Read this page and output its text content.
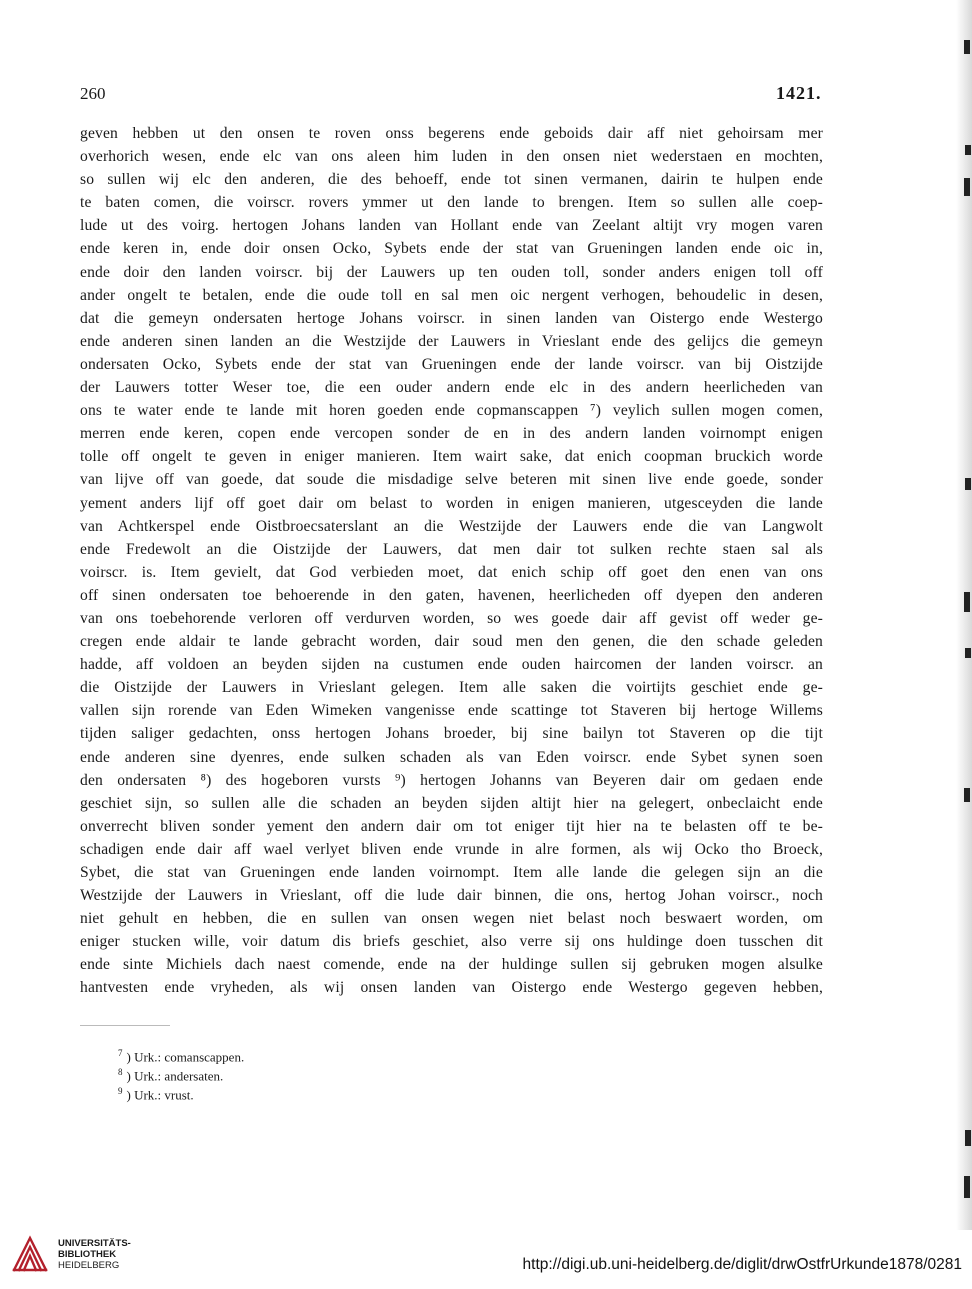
260	1421.
geven hebben ut den onsen te roven onss begerens ende geboids dair aff niet gehoirsam mer
overhorich wesen, ende elc van ons aleen him luden in den onsen niet wederstaen en mochten,
so sullen wij elc den anderen, die des behoeff, ende tot sinen vermanen, dairin te hulpen ende
te baten comen, die voirscr. rovers ymmer ut den lande to brengen. Item so sullen alle coep-
lude ut des voirg. hertogen Johans landen van Hollant ende van Zeelant altijt vry mogen varen
ende keren in, ende doir onsen Ocko, Sybets ende der stat van Grueningen landen ende oic in,
ende doir den landen voirscr. bij der Lauwers up ten ouden toll, sonder anders enigen toll off
ander ongelt te betalen, ende die oude toll en sal men oic nergent verhogen, behoudelic in desen,
dat die gemeyn ondersaten hertoge Johans voirscr. in sinen landen van Oistergo ende Westergo
ende anderen sinen landen an die Westzijde der Lauwers in Vrieslant ende des gelijcs die gemeyn
ondersaten Ocko, Sybets ende der stat van Grueningen ende der lande voirscr. van bij Oistzijde
der Lauwers totter Weser toe, die een ouder andern ende elc in des andern heerlicheden van
ons te water ende te lande mit horen goeden ende copmanscappen ⁷) veylich sullen mogen comen,
merren ende keren, copen ende vercopen sonder de en in des andern landen voirnompt enigen
tolle off ongelt te geven in eniger manieren. Item wairt sake, dat enich coopman bruckich worde
van lijve off van goede, dat soude die misdadige selve beteren mit sinen live ende goede, sonder
yement anders lijf off goet dair om belast to worden in enigen manieren, utgesceyden die lande
van Achtkerspel ende Oistbroecsaterslant an die Westzijde der Lauwers ende die van Langwolt
ende Fredewolt an die Oistzijde der Lauwers, dat men dair tot sulken rechte staen sal als
voirscr. is. Item gevielt, dat God verbieden moet, dat enich schip off goet den enen van ons
off sinen ondersaten toe behoerende in den gaten, havenen, heerlicheden off dyepen den anderen
van ons toebehorende verloren off verdurven worden, so wes goede dair aff gevist off weder ge-
cregen ende aldair te lande gebracht worden, dair soud men den genen, die den schade geleden
hadde, aff voldoen an beyden sijden na custumen ende ouden haircomen der landen voirscr. an
die Oistzijde der Lauwers in Vrieslant gelegen. Item alle saken die voirtijts geschiet ende ge-
vallen sijn rorende van Eden Wimeken vangenisse ende scattinge tot Staveren bij hertoge Willems
tijden saliger gedachten, onss hertogen Johans broeder, bij sine bailyn tot Staveren op die tijt
ende anderen sine dyenres, ende sulken schaden als van Eden voirscr. ende Sybet synen soen
den ondersaten ⁸) des hogeboren vursts ⁹) hertogen Johanns van Beyeren dair om gedaen ende
geschiet sijn, so sullen alle die schaden an beyden sijden altijt hier na gelegert, onbeclaicht ende
onverrecht bliven sonder yement den andern dair om tot eniger tijt hier na te belasten off te be-
schadigen ende dair aff wael verlyet bliven ende vrunde in alre formen, als wij Ocko tho Broeck,
Sybet, die stat van Grueningen ende landen voirnompt. Item alle lande die gelegen sijn an die
Westzijde der Lauwers in Vrieslant, off die lude dair binnen, die ons, hertog Johan voirscr., noch
niet gehult en hebben, die en sullen van onsen wegen niet belast noch beswaert worden, om
eniger stucken wille, voir datum dis briefs geschiet, also verre sij ons huldinge doen tusschen dit
ende sinte Michiels dach naest comende, ende na der huldinge sullen sij gebruken mogen alsulke
hantvesten ende vryheden, als wij onsen landen van Oistergo ende Westergo gegeven hebben,
$^7$ ) Urk.: comanscappen.
$^8$ ) Urk.: andersaten.
$^9$ ) Urk.: vrust.
UNIVERSITÄTS-
BIBLIOTHEK
HEIDELBERG	http://digi.ub.uni-heidelberg.de/diglit/drwOstfrUrkunde1878/0281
